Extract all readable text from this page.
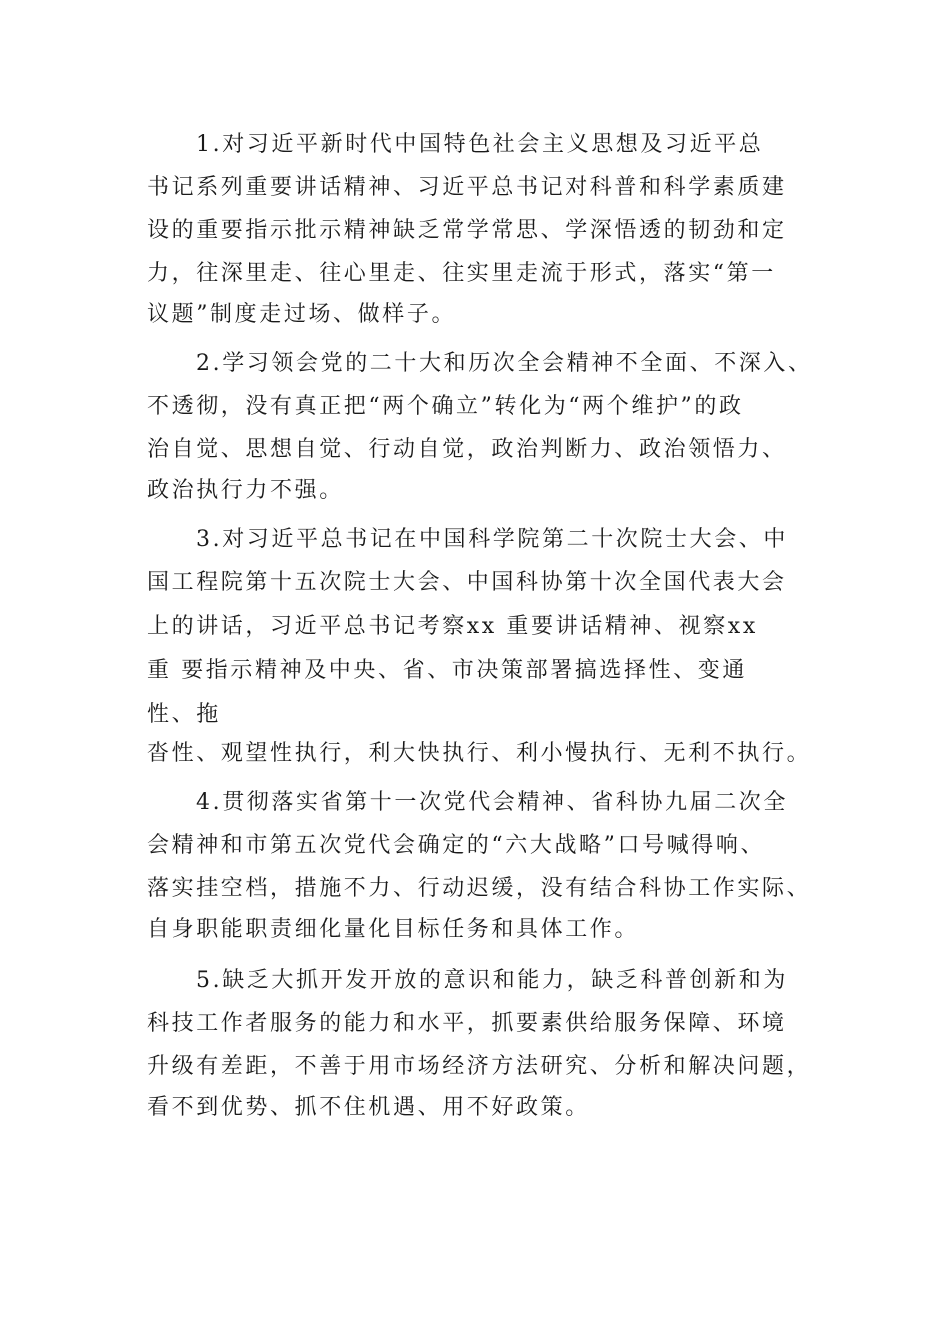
1.对习近平新时代中国特色社会主义思想及习近平总
书记系列重要讲话精神、习近平总书记对科普和科学素质建
设的重要指示批示精神缺乏常学常思、学深悟透的韧劲和定
力，往深里走、往心里走、往实里走流于形式，落实“第一
议题”制度走过场、做样子。
2.学习领会党的二十大和历次全会精神不全面、不深入、
不透彻，没有真正把“两个确立”转化为“两个维护”的政
治自觉、思想自觉、行动自觉，政治判断力、政治领悟力、
政治执行力不强。
3.对习近平总书记在中国科学院第二十次院士大会、中
国工程院第十五次院士大会、中国科协第十次全国代表大会
上的讲话，习近平总书记考察xx 重要讲话精神、视察xx
重 要指示精神及中央、省、市决策部署搞选择性、变通
性、拖
沓性、观望性执行，利大快执行、利小慢执行、无利不执行。
4.贯彻落实省第十一次党代会精神、省科协九届二次全
会精神和市第五次党代会确定的“六大战略”口号喊得响、
落实挂空档，措施不力、行动迟缓，没有结合科协工作实际、
自身职能职责细化量化目标任务和具体工作。
5.缺乏大抓开发开放的意识和能力，缺乏科普创新和为
科技工作者服务的能力和水平，抓要素供给服务保障、环境
升级有差距，不善于用市场经济方法研究、分析和解决问题，
看不到优势、抓不住机遇、用不好政策。
